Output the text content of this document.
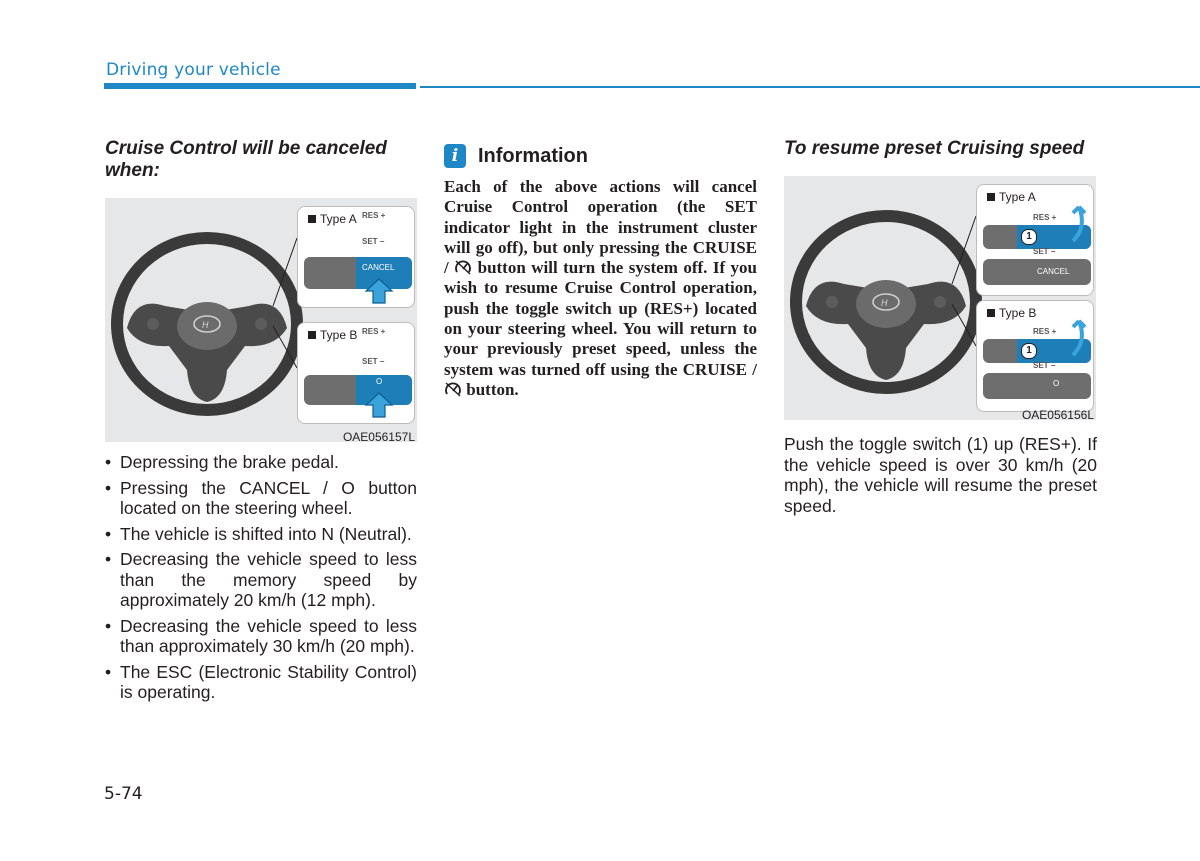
Driving your vehicle
Cruise Control will be canceled when:
H
Type A RES +
SET −
CANCEL
Type B RES +
SET −
O
OAE056157L
• Depressing the brake pedal.
• Pressing the CANCEL / O button located on the steering wheel.
• The vehicle is shifted into N (Neutral).
• Decreasing the vehicle speed to less than the memory speed by approximately 20 km/h (12 mph).
• Decreasing the vehicle speed to less than approximately 30 km/h (20 mph).
• The ESC (Electronic Stability Control) is operating.
i Information
Each of the above actions will cancel Cruise Control operation (the SET indicator light in the instrument cluster will go off), but only pressing the CRUISE /  button will turn the system off. If you wish to resume Cruise Control operation, push the toggle switch up (RES+) located on your steering wheel. You will return to your previously preset speed, unless the system was turned off using the CRUISE /  button.
To resume preset Cruising speed
H
Type A
RES +
SET −
1
CANCEL
Type B
RES +
SET −
1
O
OAE056156L
Push the toggle switch (1) up (RES+). If the vehicle speed is over 30 km/h (20 mph), the vehicle will resume the preset speed.
5-74
